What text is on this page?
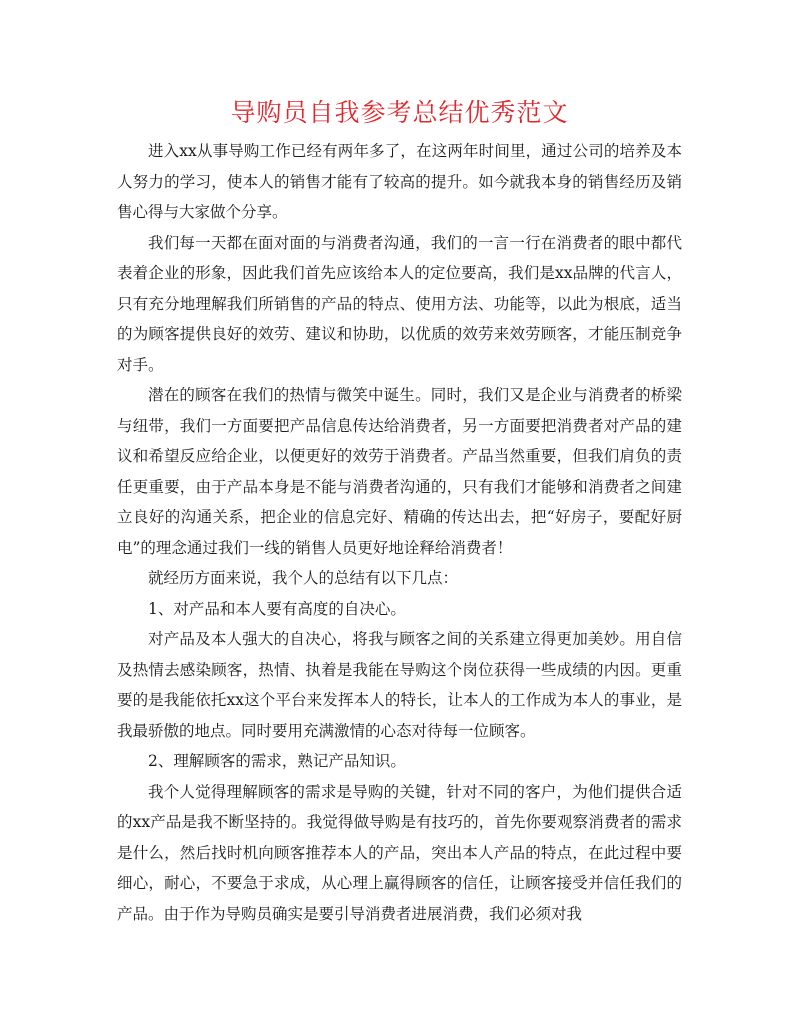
导购员自我参考总结优秀范文

进入xx从事导购工作已经有两年多了，在这两年时间里，通过公司的培养及本人努力的学习，使本人的销售才能有了较高的提升。如今就我本身的销售经历及销售心得与大家做个分享。

我们每一天都在面对面的与消费者沟通，我们的一言一行在消费者的眼中都代表着企业的形象，因此我们首先应该给本人的定位要高，我们是xx品牌的代言人，只有充分地理解我们所销售的产品的特点、使用方法、功能等，以此为根底，适当的为顾客提供良好的效劳、建议和协助，以优质的效劳来效劳顾客，才能压制竞争对手。

潜在的顾客在我们的热情与微笑中诞生。同时，我们又是企业与消费者的桥梁与纽带，我们一方面要把产品信息传达给消费者，另一方面要把消费者对产品的建议和希望反应给企业，以便更好的效劳于消费者。产品当然重要，但我们肩负的责任更重要，由于产品本身是不能与消费者沟通的，只有我们才能够和消费者之间建立良好的沟通关系，把企业的信息完好、精确的传达出去，把“好房子，要配好厨电”的理念通过我们一线的销售人员更好地诠释给消费者！

就经历方面来说，我个人的总结有以下几点：

1、对产品和本人要有高度的自决心。

对产品及本人强大的自决心，将我与顾客之间的关系建立得更加美妙。用自信及热情去感染顾客，热情、执着是我能在导购这个岗位获得一些成绩的内因。更重要的是我能依托xx这个平台来发挥本人的特长，让本人的工作成为本人的事业，是我最骄傲的地点。同时要用充满激情的心态对待每一位顾客。

2、理解顾客的需求，熟记产品知识。

我个人觉得理解顾客的需求是导购的关键，针对不同的客户，为他们提供合适的xx产品是我不断坚持的。我觉得做导购是有技巧的，首先你要观察消费者的需求是什么，然后找时机向顾客推荐本人的产品，突出本人产品的特点，在此过程中要细心，耐心，不要急于求成，从心理上赢得顾客的信任，让顾客接受并信任我们的产品。由于作为导购员确实是要引导消费者进展消费，我们必须对我
